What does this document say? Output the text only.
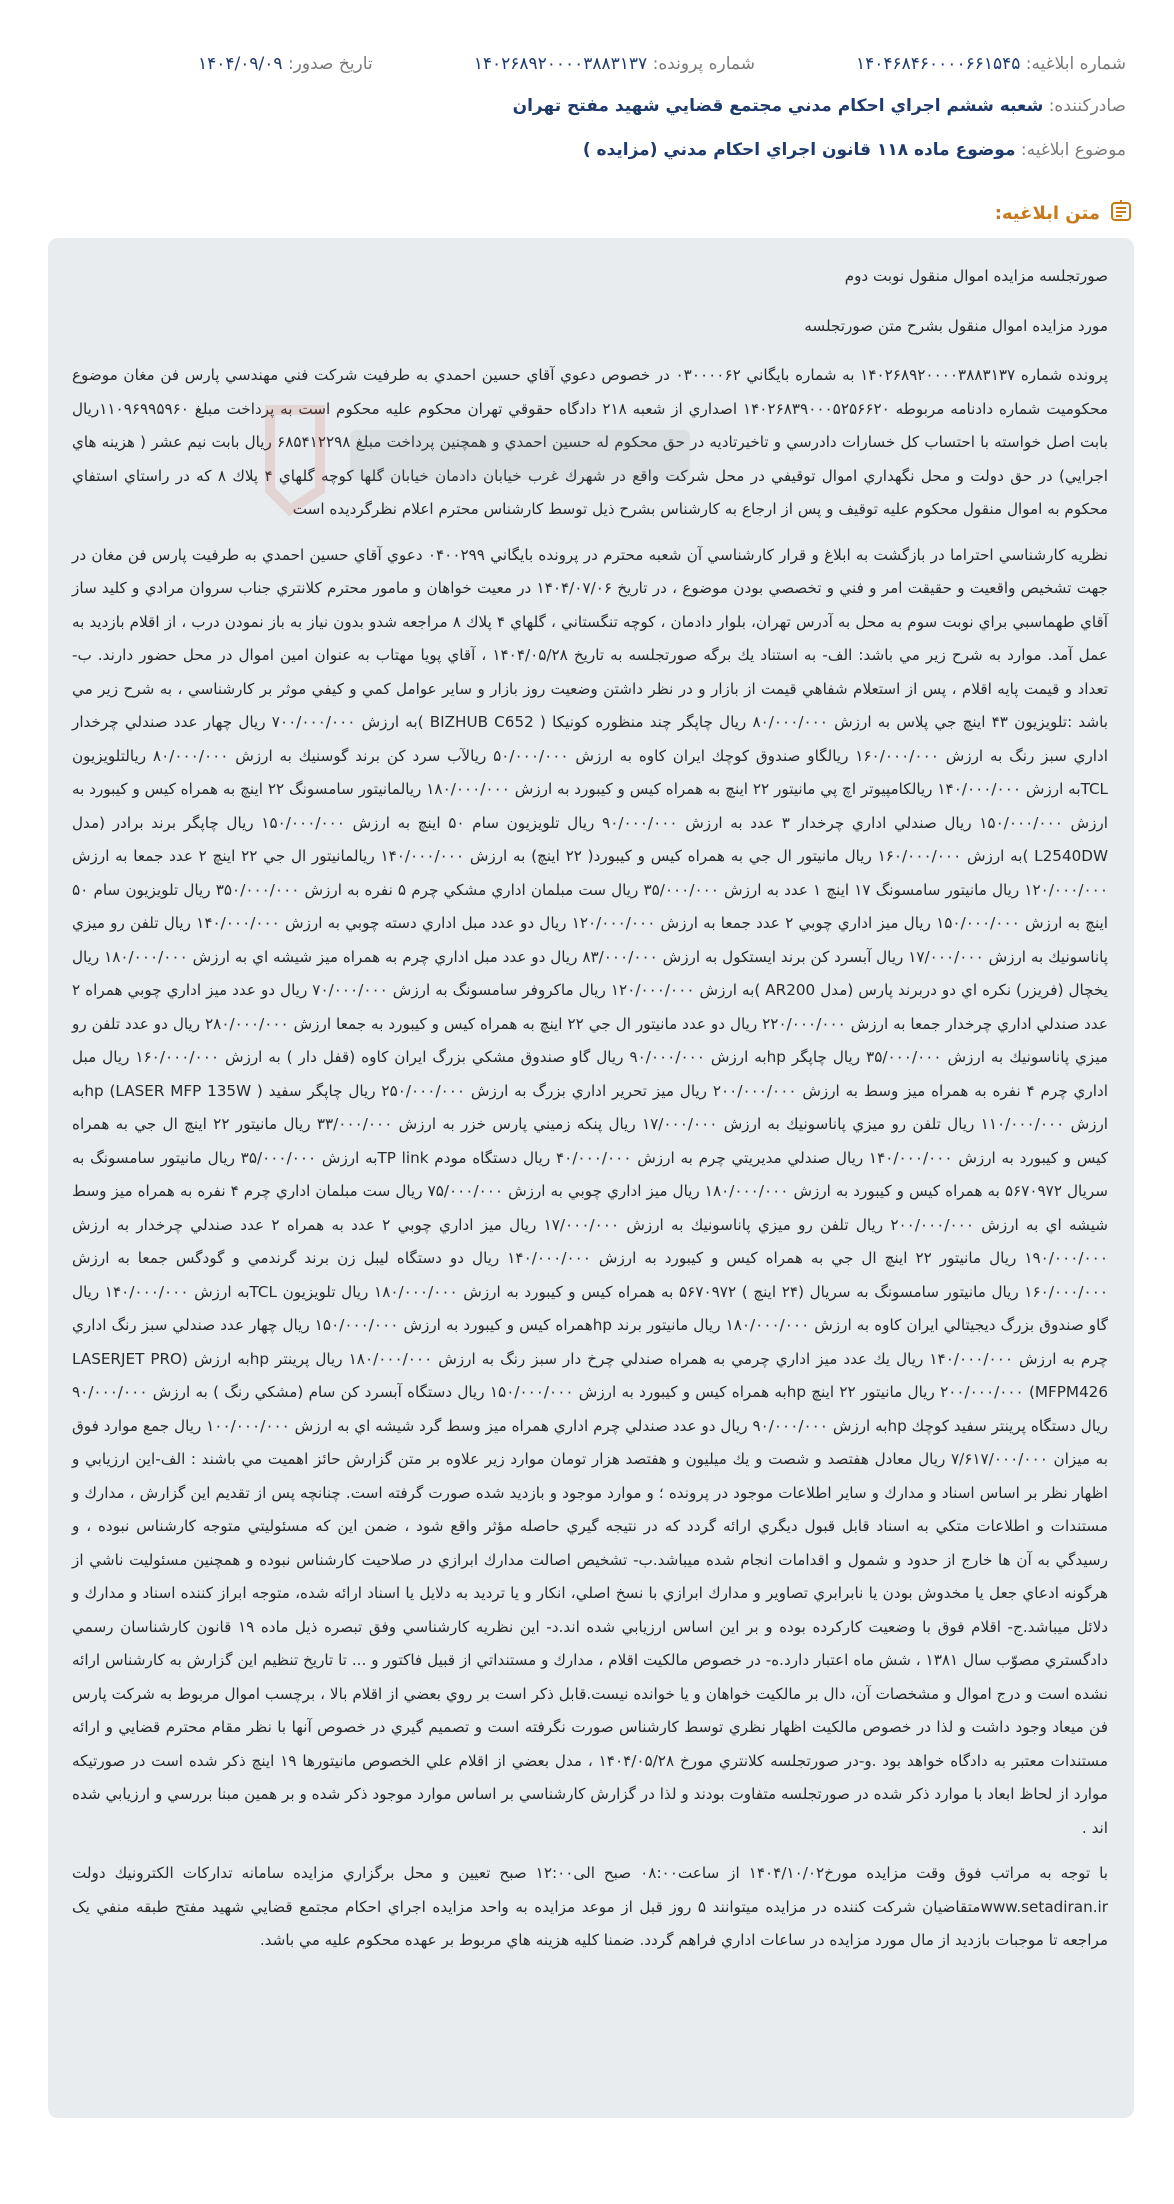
شماره ابلاغيه: ۱۴۰۴۶۸۴۶۰۰۰۰۶۶۱۵۴۵
شماره پرونده: ۱۴۰۲۶۸۹۲۰۰۰۰۳۸۸۳۱۳۷
تاريخ صدور: ۱۴۰۴/۰۹/۰۹
صادركننده: شعبه ششم اجراي احكام مدني مجتمع قضايي شهيد مفتح تهران
موضوع ابلاغيه: موضوع ماده ۱۱۸ قانون اجراي احكام مدني (مزايده )
متن ابلاغيه:

صورتجلسه مزايده اموال منقول نوبت دوم

مورد مزايده اموال منقول بشرح متن صورتجلسه

پرونده شماره ۱۴۰۲۶۸۹۲۰۰۰۰۳۸۸۳۱۳۷ به شماره بايگاني ۰۳۰۰۰۰۶۲ در خصوص دعوي آقاي حسين احمدي به طرفيت شركت فني مهندسي پارس فن مغان موضوع محكوميت شماره دادنامه مربوطه ۱۴۰۲۶۸۳۹۰۰۰۵۲۵۶۶۲۰ اصداري از شعبه ۲۱۸ دادگاه حقوقي تهران محكوم عليه محكوم است به پرداخت مبلغ ۱۱۰۹۶۹۹۵۹۶۰ريال بابت اصل خواسته با احتساب كل خسارات دادرسي و تاخيرتاديه در حق محكوم له حسين احمدي و همچنين پرداخت مبلغ ۶۸۵۴۱۲۲۹۸ ريال بابت نيم عشر ( هزينه هاي اجرايي) در حق دولت و محل نگهداري اموال توقيفي در محل شركت واقع در شهرك غرب خيابان دادمان خيابان گلها كوچه گلهاي ۴ پلاك ۸ كه در راستاي استفاي محكوم به اموال منقول محكوم عليه توقيف و پس از ارجاع به كارشناس بشرح ذيل توسط كارشناس محترم اعلام نظرگرديده است

نظريه كارشناسي احتراما در بازگشت به ابلاغ و قرار كارشناسي آن شعبه محترم در پرونده بايگاني ۰۴۰۰۲۹۹ دعوي آقاي حسين احمدي به طرفيت پارس فن مغان در جهت تشخيص واقعيت و حقيقت امر و فني و تخصصي بودن موضوع ، در تاريخ ۱۴۰۴/۰۷/۰۶ در معيت خواهان و مامور محترم كلانتري جناب سروان مرادي و كليد ساز آقاي طهماسبي براي نوبت سوم به محل به آدرس تهران، بلوار دادمان ، كوچه تنگستاني ، گلهاي ۴ پلاك ۸ مراجعه شدو بدون نياز به باز نمودن درب ، از اقلام بازديد به عمل آمد. موارد به شرح زير مي باشد: الف- به استناد يك برگه صورتجلسه به تاريخ ۱۴۰۴/۰۵/۲۸ ، آقاي پويا مهتاب به عنوان امين اموال در محل حضور دارند. ب- تعداد و قيمت پايه اقلام ، پس از استعلام شفاهي قيمت از بازار و در نظر داشتن وضعيت روز بازار و ساير عوامل كمي و كيفي موثر بر كارشناسي ، به شرح زير مي باشد :تلويزيون ۴۳ اينچ جي پلاس به ارزش ۸۰/۰۰۰/۰۰۰ ريال چاپگر چند منظوره كونيكا ( BIZHUB C652 )به ارزش ۷۰۰/۰۰۰/۰۰۰ ريال چهار عدد صندلي چرخدار اداري سبز رنگ به ارزش ۱۶۰/۰۰۰/۰۰۰ ريالگاو صندوق كوچك ايران كاوه به ارزش ۵۰/۰۰۰/۰۰۰ ريالآب سرد كن برند گوسنيك به ارزش ۸۰/۰۰۰/۰۰۰ ريالتلويزيون TCLبه ارزش ۱۴۰/۰۰۰/۰۰۰ ريالكامپيوتر اچ پي مانيتور ۲۲ اينچ به همراه كيس و كيبورد به ارزش ۱۸۰/۰۰۰/۰۰۰ ريالمانيتور سامسونگ ۲۲ اينچ به همراه كيس و كيبورد به ارزش ۱۵۰/۰۰۰/۰۰۰ ريال صندلي اداري چرخدار ۳ عدد به ارزش ۹۰/۰۰۰/۰۰۰ ريال تلويزيون سام ۵۰ اينچ به ارزش ۱۵۰/۰۰۰/۰۰۰ ريال چاپگر برند برادر (مدل L2540DW )به ارزش ۱۶۰/۰۰۰/۰۰۰ ريال مانيتور ال جي به همراه كيس و كيبورد( ۲۲ اينچ) به ارزش ۱۴۰/۰۰۰/۰۰۰ ريالمانيتور ال جي ۲۲ اينچ ۲ عدد جمعا به ارزش ۱۲۰/۰۰۰/۰۰۰ ريال مانيتور سامسونگ ۱۷ اينچ ۱ عدد به ارزش ۳۵/۰۰۰/۰۰۰ ريال ست مبلمان اداري مشكي چرم ۵ نفره به ارزش ۳۵۰/۰۰۰/۰۰۰ ريال تلويزيون سام ۵۰ اينچ به ارزش ۱۵۰/۰۰۰/۰۰۰ ريال ميز اداري چوبي ۲ عدد جمعا به ارزش ۱۲۰/۰۰۰/۰۰۰ ريال دو عدد مبل اداري دسته چوبي به ارزش ۱۴۰/۰۰۰/۰۰۰ ريال تلفن رو ميزي پاناسونيك به ارزش ۱۷/۰۰۰/۰۰۰ ريال آبسرد كن برند ايستكول به ارزش ۸۳/۰۰۰/۰۰۰ ريال دو عدد مبل اداري چرم به همراه ميز شيشه اي به ارزش ۱۸۰/۰۰۰/۰۰۰ ريال يخچال (فريزر) نكره اي دو دربرند پارس (مدل AR200 )به ارزش ۱۲۰/۰۰۰/۰۰۰ ريال ماكروفر سامسونگ به ارزش ۷۰/۰۰۰/۰۰۰ ريال دو عدد ميز اداري چوبي همراه ۲ عدد صندلي اداري چرخدار جمعا به ارزش ۲۲۰/۰۰۰/۰۰۰ ريال دو عدد مانيتور ال جي ۲۲ اينچ به همراه كيس و كيبورد به جمعا ارزش ۲۸۰/۰۰۰/۰۰۰ ريال دو عدد تلفن رو ميزي پاناسونيك به ارزش ۳۵/۰۰۰/۰۰۰ ريال چاپگر hpبه ارزش ۹۰/۰۰۰/۰۰۰ ريال گاو صندوق مشكي بزرگ ايران كاوه (قفل دار ) به ارزش ۱۶۰/۰۰۰/۰۰۰ ريال مبل اداري چرم ۴ نفره به همراه ميز وسط به ارزش ۲۰۰/۰۰۰/۰۰۰ ريال ميز تحرير اداري بزرگ به ارزش ۲۵۰/۰۰۰/۰۰۰ ريال چاپگر سفيد ( LASER MFP 135W) hpبه ارزش ۱۱۰/۰۰۰/۰۰۰ ريال تلفن رو ميزي پاناسونيك به ارزش ۱۷/۰۰۰/۰۰۰ ريال پنكه زميني پارس خزر به ارزش ۳۳/۰۰۰/۰۰۰ ريال مانيتور ۲۲ اينچ ال جي به همراه كيس و كيبورد به ارزش ۱۴۰/۰۰۰/۰۰۰ ريال صندلي مديريتي چرم به ارزش ۴۰/۰۰۰/۰۰۰ ريال دستگاه مودم TP linkبه ارزش ۳۵/۰۰۰/۰۰۰ ريال مانيتور سامسونگ به سريال ۵۶۷۰۹۷۲ به همراه كيس و كيبورد به ارزش ۱۸۰/۰۰۰/۰۰۰ ريال ميز اداري چوبي به ارزش ۷۵/۰۰۰/۰۰۰ ريال ست مبلمان اداري چرم ۴ نفره به همراه ميز وسط شيشه اي به ارزش ۲۰۰/۰۰۰/۰۰۰ ريال تلفن رو ميزي پاناسونيك به ارزش ۱۷/۰۰۰/۰۰۰ ريال ميز اداري چوبي ۲ عدد به همراه ۲ عدد صندلي چرخدار به ارزش ۱۹۰/۰۰۰/۰۰۰ ريال مانيتور ۲۲ اينچ ال جي به همراه كيس و كيبورد به ارزش ۱۴۰/۰۰۰/۰۰۰ ريال دو دستگاه ليبل زن برند گرندمي و گودگس جمعا به ارزش ۱۶۰/۰۰۰/۰۰۰ ريال مانيتور سامسونگ به سريال (۲۴ اينچ ) ۵۶۷۰۹۷۲ به همراه كيس و كيبورد به ارزش ۱۸۰/۰۰۰/۰۰۰ ريال تلويزيون TCLبه ارزش ۱۴۰/۰۰۰/۰۰۰ ريال گاو صندوق بزرگ ديجيتالي ايران كاوه به ارزش ۱۸۰/۰۰۰/۰۰۰ ريال مانيتور برند hpهمراه كيس و كيبورد به ارزش ۱۵۰/۰۰۰/۰۰۰ ريال چهار عدد صندلي سبز رنگ اداري چرم به ارزش ۱۴۰/۰۰۰/۰۰۰ ريال يك عدد ميز اداري چرمي به همراه صندلي چرخ دار سبز رنگ به ارزش ۱۸۰/۰۰۰/۰۰۰ ريال پرينتر hpبه ارزش (LASERJET PRO MFPM426) ۲۰۰/۰۰۰/۰۰۰ ريال مانيتور ۲۲ اينچ hpبه همراه كيس و كيبورد به ارزش ۱۵۰/۰۰۰/۰۰۰ ريال دستگاه آبسرد كن سام (مشكي رنگ ) به ارزش ۹۰/۰۰۰/۰۰۰ ريال دستگاه پرينتر سفيد كوچك hpبه ارزش ۹۰/۰۰۰/۰۰۰ ريال دو عدد صندلي چرم اداري همراه ميز وسط گرد شيشه اي به ارزش ۱۰۰/۰۰۰/۰۰۰ ريال جمع موارد فوق به ميزان ۷/۶۱۷/۰۰۰/۰۰۰ ريال معادل هفتصد و شصت و يك ميليون و هفتصد هزار تومان موارد زير علاوه بر متن گزارش حائز اهميت مي باشند : الف-اين ارزيابي و اظهار نظر بر اساس اسناد و مدارك و ساير اطلاعات موجود در پرونده ؛ و موارد موجود و بازديد شده صورت گرفته است. چنانچه پس از تقديم اين گزارش ، مدارك و مستندات و اطلاعات متكي به اسناد قابل قبول ديگري ارائه گردد كه در نتيجه گيري حاصله مؤثر واقع شود ، ضمن اين كه مسئوليتي متوجه كارشناس نبوده ، و رسيدگي به آن ها خارج از حدود و شمول و اقدامات انجام شده ميباشد.ب- تشخيص اصالت مدارك ابرازي در صلاحيت كارشناس نبوده و همچنين مسئوليت ناشي از هرگونه ادعاي جعل يا مخدوش بودن يا نابرابري تصاوير و مدارك ابرازي با نسخ اصلي، انكار و يا ترديد به دلايل يا اسناد ارائه شده، متوجه ابراز كننده اسناد و مدارك و دلائل ميباشد.ج- اقلام فوق با وضعيت كاركرده بوده و بر اين اساس ارزيابي شده اند.د- اين نظريه كارشناسي وفق تبصره ذيل ماده ۱۹ قانون كارشناسان رسمي دادگستري مصوّب سال ۱۳۸۱ ، شش ماه اعتبار دارد.ه- در خصوص مالكيت اقلام ، مدارك و مستنداتي از قبيل فاكتور و ... تا تاريخ تنظيم اين گزارش به كارشناس ارائه نشده است و درج اموال و مشخصات آن، دال بر مالكيت خواهان و يا خوانده نيست.قابل ذكر است بر روي بعضي از اقلام بالا ، برچسب اموال مربوط به شركت پارس فن ميعاد وجود داشت و لذا در خصوص مالكيت اظهار نظري توسط كارشناس صورت نگرفته است و تصميم گيري در خصوص آنها با نظر مقام محترم قضايي و ارائه مستندات معتبر به دادگاه خواهد بود .و-در صورتجلسه كلانتري مورخ ۱۴۰۴/۰۵/۲۸ ، مدل بعضي از اقلام علي الخصوص مانيتورها ۱۹ اينچ ذكر شده است در صورتيكه موارد از لحاظ ابعاد با موارد ذكر شده در صورتجلسه متفاوت بودند و لذا در گزارش كارشناسي بر اساس موارد موجود ذكر شده و بر همين مبنا بررسي و ارزيابي شده اند .

با توجه به مراتب فوق وقت مزايده مورخ۱۴۰۴/۱۰/۰۲ از ساعت۰۸:۰۰ صبح الی۱۲:۰۰ صبح تعيين و محل برگزاري مزايده سامانه تداركات الكترونيك دولت www.setadiran.irمتقاضيان شركت كننده در مزايده ميتوانند ۵ روز قبل از موعد مزايده به واحد مزايده اجراي احكام مجتمع قضايي شهيد مفتح طبقه منفي يک مراجعه تا موجبات بازديد از مال مورد مزايده در ساعات اداري فراهم گردد. ضمنا كليه هزينه هاي مربوط بر عهده محكوم عليه مي باشد.
